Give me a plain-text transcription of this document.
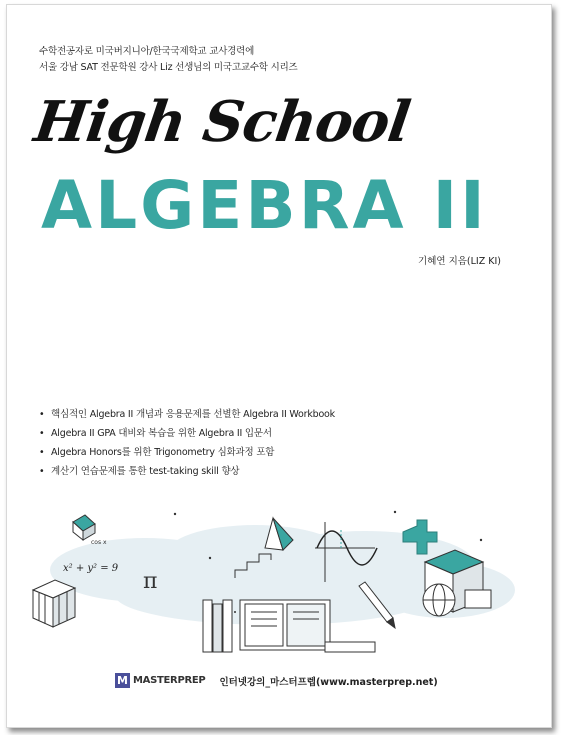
수학전공자로 미국버지니아/한국국제학교 교사경력에
서울 강남 SAT 전문학원 강사 Liz 선생님의 미국고교수학 시리즈
High School
ALGEBRA II
기혜연 지음(LIZ KI)
• 핵심적인 Algebra II 개념과 응용문제를 선별한 Algebra II Workbook
• Algebra II GPA 대비와 복습을 위한 Algebra II 입문서
• Algebra Honors를 위한 Trigonometry 심화과정 포함
• 계산기 연습문제를 통한 test-taking skill 향상
cos x
x² + y² = 9
π
M MASTERPREP 인터넷강의_마스터프렙(www.masterprep.net)
